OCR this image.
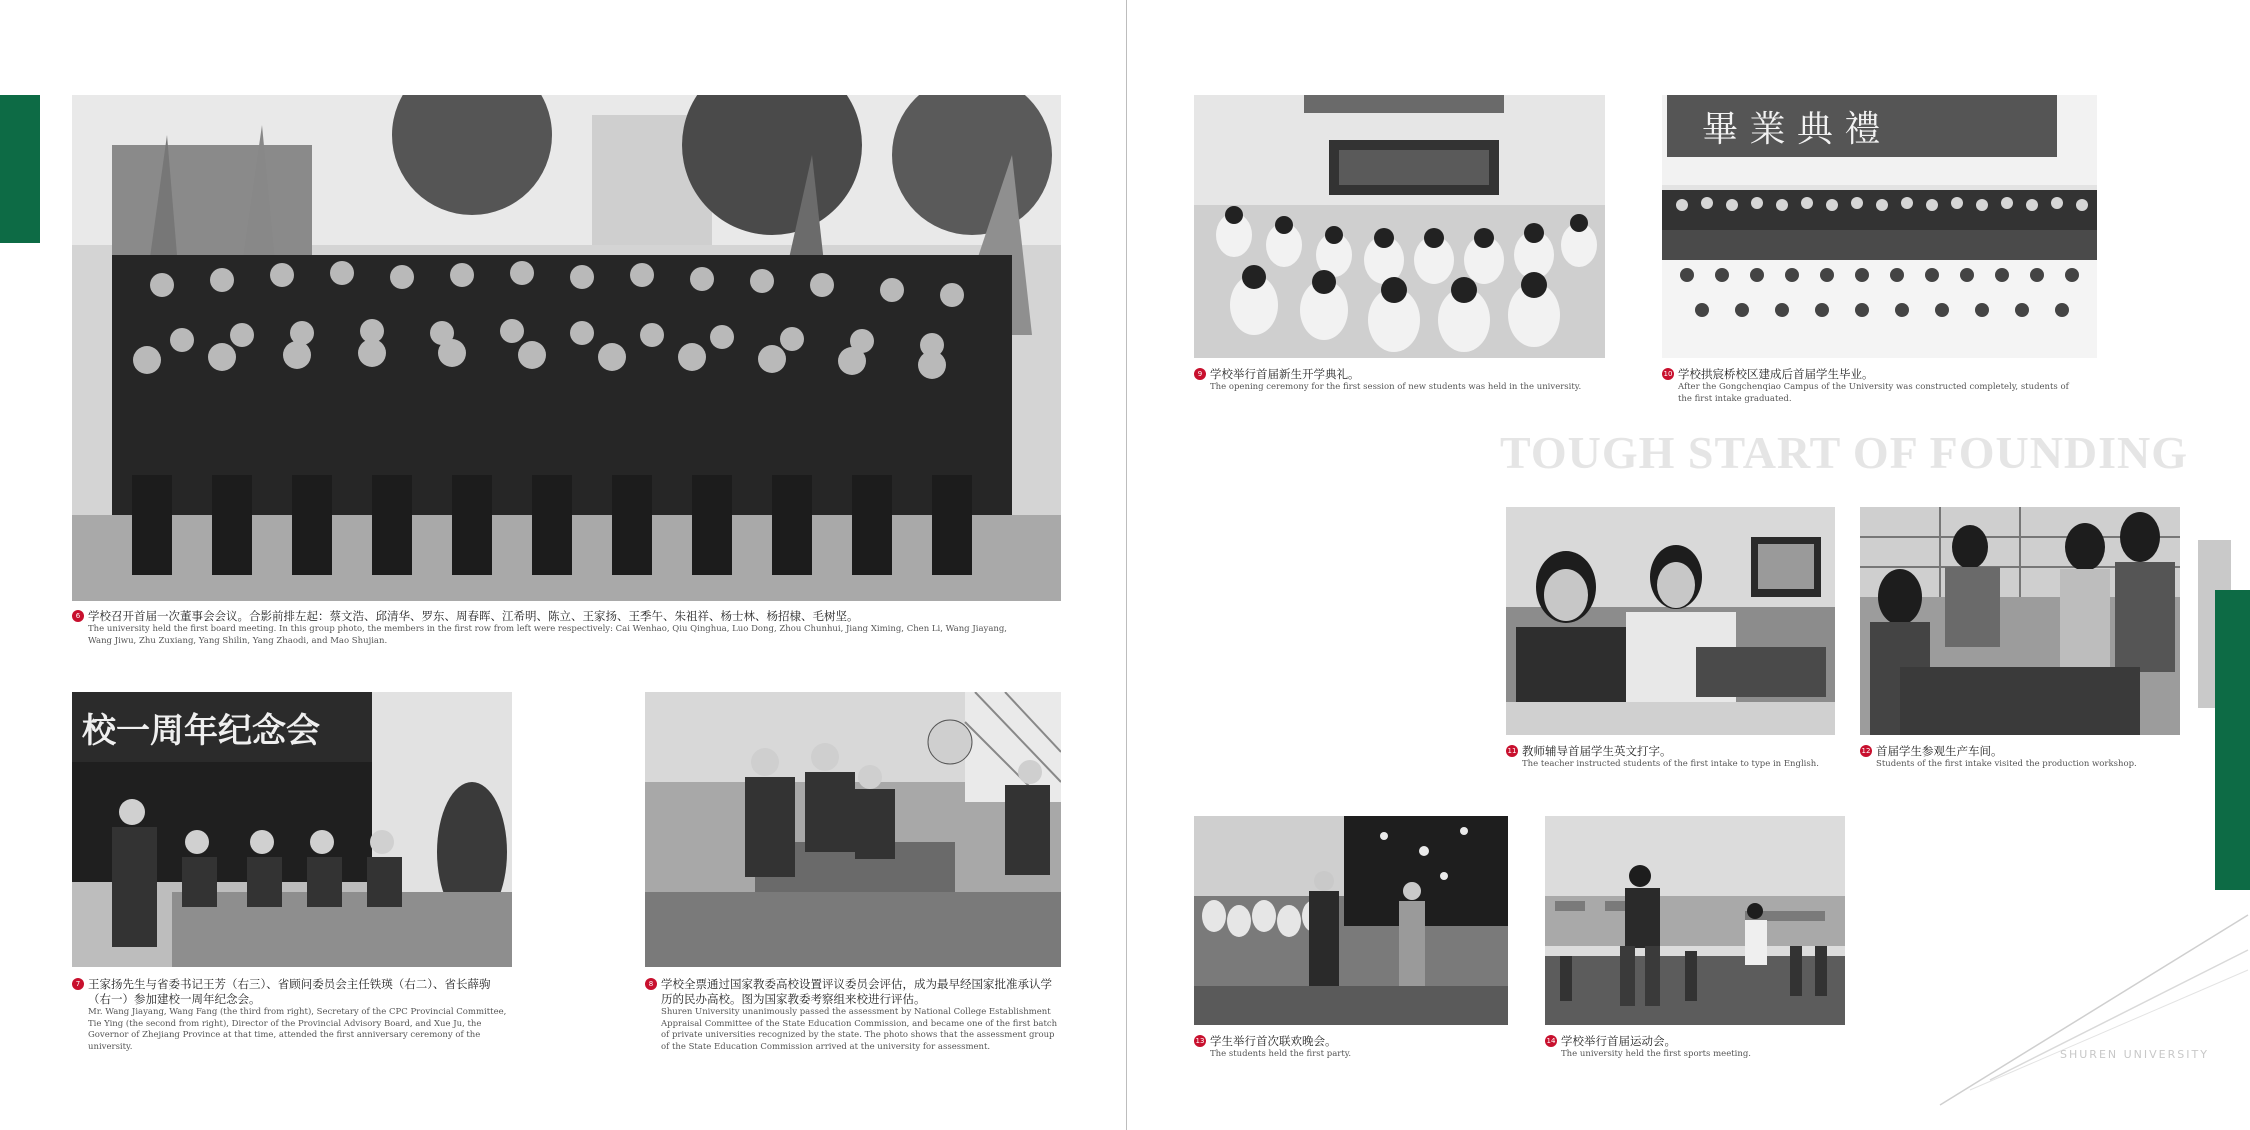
6 学校召开首届一次董事会会议。合影前排左起：蔡文浩、邱清华、罗东、周春晖、江希明、陈立、王家扬、王季午、朱祖祥、杨士林、杨招棣、毛树坚。
The university held the first board meeting. In this group photo, the members in the first row from left were respectively: Cai Wenhao, Qiu Qinghua, Luo Dong, Zhou Chunhui, Jiang Ximing, Chen Li, Wang Jiayang, Wang Jiwu, Zhu Zuxiang, Yang Shilin, Yang Zhaodi, and Mao Shujian.
校一周年纪念会
7 王家扬先生与省委书记王芳（右三）、省顾问委员会主任铁瑛（右二）、省长薛驹（右一）参加建校一周年纪念会。
Mr. Wang Jiayang, Wang Fang (the third from right), Secretary of the CPC Provincial Committee, Tie Ying (the second from right), Director of the Provincial Advisory Board, and Xue Ju, the Governor of Zhejiang Province at that time, attended the first anniversary ceremony of the university.
8 学校全票通过国家教委高校设置评议委员会评估，成为最早经国家批准承认学历的民办高校。图为国家教委考察组来校进行评估。
Shuren University unanimously passed the assessment by National College Establishment Appraisal Committee of the State Education Commission, and became one of the first batch of private universities recognized by the state. The photo shows that the assessment group of the State Education Commission arrived at the university for assessment.
9 学校举行首届新生开学典礼。
The opening ceremony for the first session of new students was held in the university.
畢 業 典 禮
10 学校拱宸桥校区建成后首届学生毕业。
After the Gongchenqiao Campus of the University was constructed completely, students of the first intake graduated.
TOUGH START OF FOUNDING
11 教师辅导首届学生英文打字。
The teacher instructed students of the first intake to type in English.
12 首届学生参观生产车间。
Students of the first intake visited the production workshop.
13 学生举行首次联欢晚会。
The students held the first party.
14 学校举行首届运动会。
The university held the first sports meeting.	SHUREN UNIVERSITY
